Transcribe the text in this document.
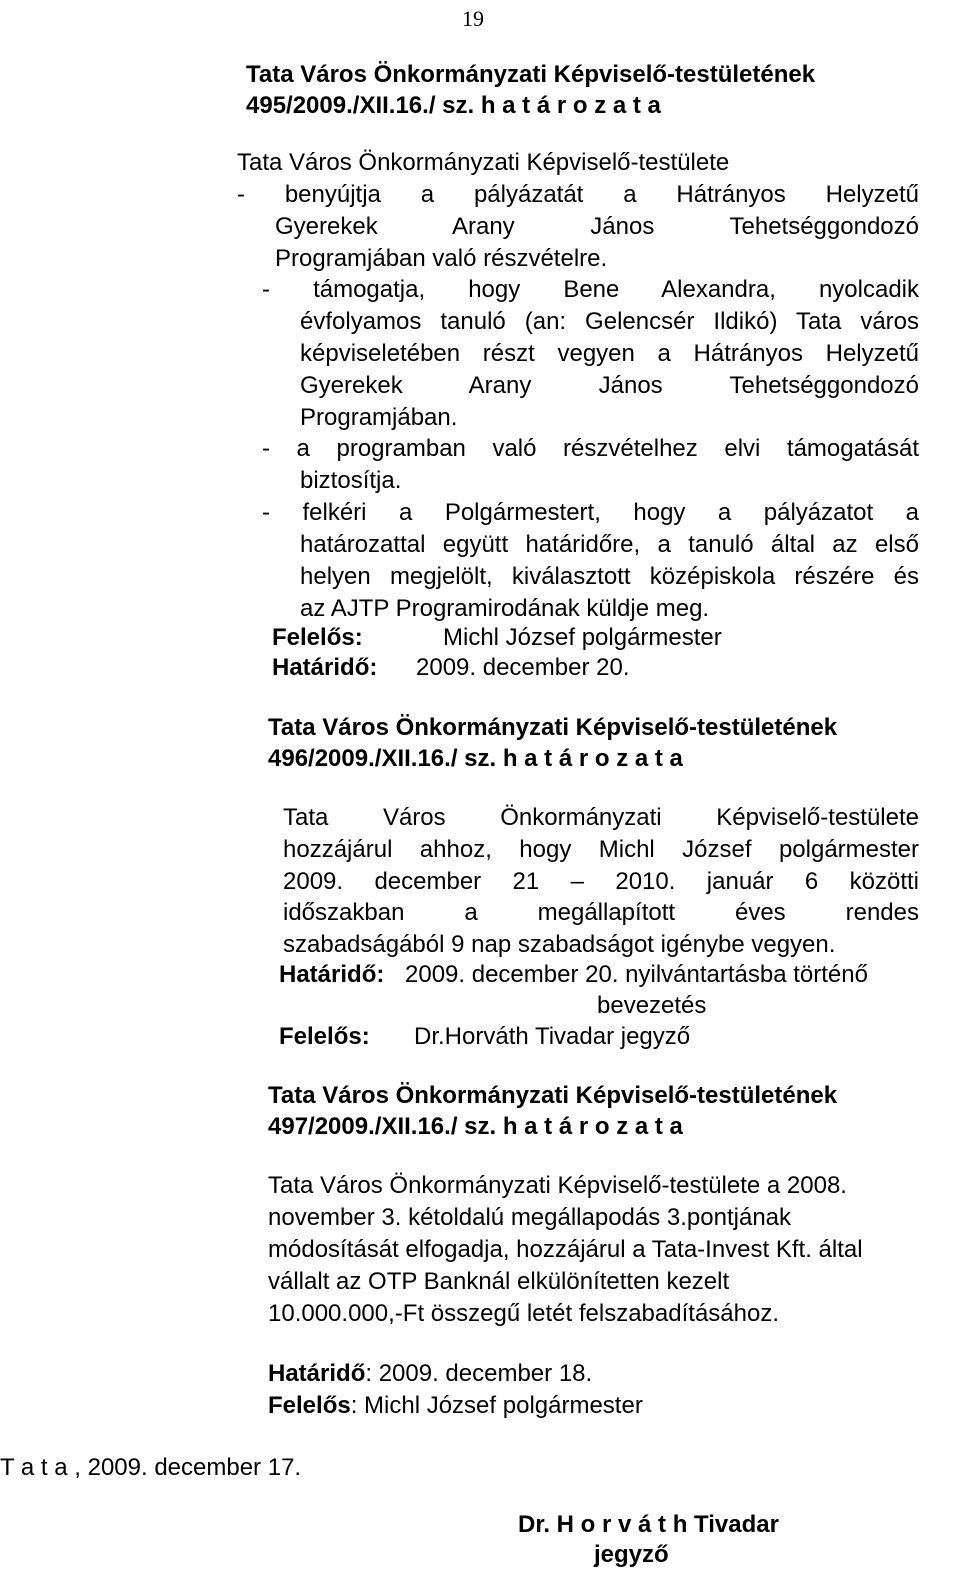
19
Tata Város Önkormányzati Képviselő-testületének
495/2009./XII.16./ sz. h a t á r o z a t a
Tata Város Önkormányzati Képviselő-testülete
- benyújtja a pályázatát a Hátrányos Helyzetű
Gyerekek Arany János Tehetséggondozó
Programjában való részvételre.
- támogatja, hogy Bene Alexandra, nyolcadik
évfolyamos tanuló (an: Gelencsér Ildikó) Tata város
képviseletében részt vegyen a Hátrányos Helyzetű
Gyerekek Arany János Tehetséggondozó
Programjában.
- a programban való részvételhez elvi támogatását
biztosítja.
- felkéri a Polgármestert, hogy a pályázatot a
határozattal együtt határidőre, a tanuló által az első
helyen megjelölt, kiválasztott középiskola részére és
az AJTP Programirodának küldje meg.
Felelős:	Michl József polgármester
Határidő: 2009. december 20.
Tata Város Önkormányzati Képviselő-testületének
496/2009./XII.16./ sz. h a t á r o z a t a
Tata Város Önkormányzati Képviselő-testülete
hozzájárul ahhoz, hogy Michl József polgármester
2009. december 21 – 2010. január 6 közötti
időszakban a megállapított éves rendes
szabadságából 9 nap szabadságot igénybe vegyen.
Határidő: 2009. december 20. nyilvántartásba történő
bevezetés
Felelős: Dr.Horváth Tivadar jegyző
Tata Város Önkormányzati Képviselő-testületének
497/2009./XII.16./ sz. h a t á r o z a t a
Tata Város Önkormányzati Képviselő-testülete a 2008.
november 3. kétoldalú megállapodás 3.pontjának
módosítását elfogadja, hozzájárul a Tata-Invest Kft. által
vállalt az OTP Banknál elkülönítetten kezelt
10.000.000,-Ft összegű letét felszabadításához.
Határidő: 2009. december 18.
Felelős: Michl József polgármester
T a t a , 2009. december 17.
Dr. H o r v á t h Tivadar
jegyző
